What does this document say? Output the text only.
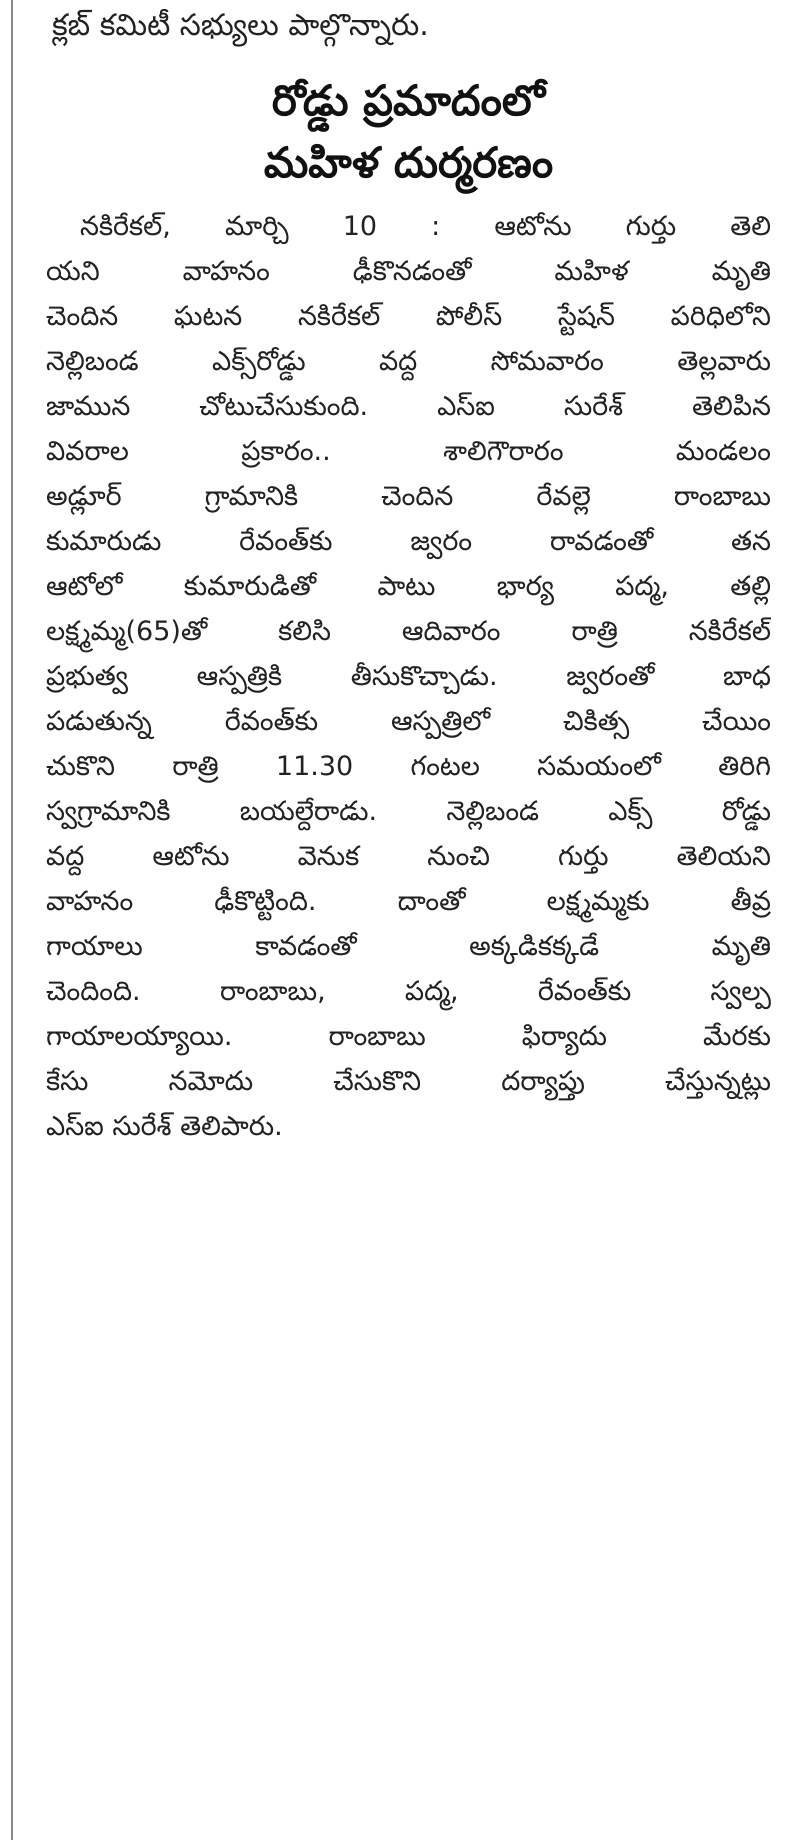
క్లబ్ కమిటీ సభ్యులు పాల్గొన్నారు.
రోడ్డు ప్రమాదంలో
మహిళ దుర్మరణం
నకిరేకల్, మార్చి 10 : ఆటోను గుర్తు తెలి
యని వాహనం ఢీకొనడంతో మహిళ మృతి
చెందిన ఘటన నకిరేకల్ పోలీస్ స్టేషన్ పరిధిలోని
నెల్లిబండ ఎక్స్‌రోడ్డు వద్ద సోమవారం తెల్లవారు
జామున చోటుచేసుకుంది. ఎస్ఐ సురేశ్ తెలిపిన
వివరాల ప్రకారం.. శాలిగౌరారం మండలం
అడ్లూర్ గ్రామానికి చెందిన రేవల్లె రాంబాబు
కుమారుడు రేవంత్‌కు జ్వరం రావడంతో తన
ఆటోలో కుమారుడితో పాటు భార్య పద్మ, తల్లి
లక్ష్మమ్మ(65)తో కలిసి ఆదివారం రాత్రి నకిరేకల్
ప్రభుత్వ ఆస్పత్రికి తీసుకొచ్చాడు. జ్వరంతో బాధ
పడుతున్న రేవంత్‌కు ఆస్పత్రిలో చికిత్స చేయిం
చుకొని రాత్రి 11.30 గంటల సమయంలో తిరిగి
స్వగ్రామానికి బయల్దేరాడు. నెల్లిబండ ఎక్స్ రోడ్డు
వద్ద ఆటోను వెనుక నుంచి గుర్తు తెలియని
వాహనం ఢీకొట్టింది. దాంతో లక్ష్మమ్మకు తీవ్ర
గాయాలు కావడంతో అక్కడికక్కడే మృతి
చెందింది. రాంబాబు, పద్మ, రేవంత్‌కు స్వల్ప
గాయాలయ్యాయి. రాంబాబు ఫిర్యాదు మేరకు
కేసు నమోదు చేసుకొని దర్యాప్తు చేస్తున్నట్లు
ఎస్ఐ సురేశ్ తెలిపారు.
